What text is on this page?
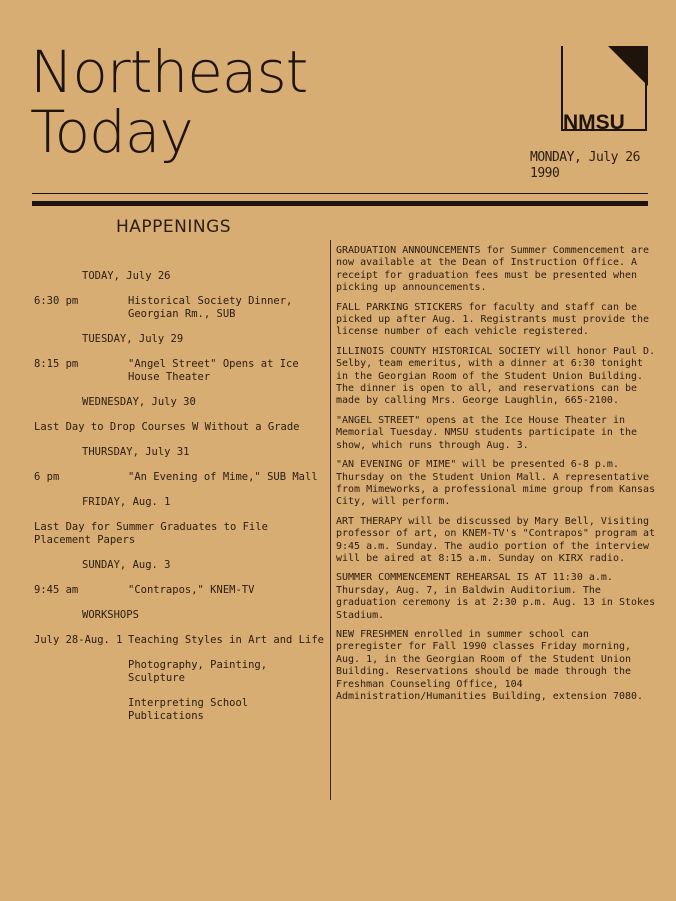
Northeast
Today	NMSU
MONDAY, July 26
1990
HAPPENINGS
TODAY, July 26
6:30 pm	Historical Society Dinner, Georgian Rm., SUB
TUESDAY, July 29
8:15 pm	"Angel Street" Opens at Ice House Theater
WEDNESDAY, July 30
Last Day to Drop Courses W Without a Grade
THURSDAY, July 31
6 pm	"An Evening of Mime," SUB Mall
FRIDAY, Aug. 1
Last Day for Summer Graduates to File Placement Papers
SUNDAY, Aug. 3
9:45 am	"Contrapos," KNEM-TV
WORKSHOPS
July 28-Aug. 1 Teaching Styles in Art and Life
Photography, Painting, Sculpture
Interpreting School Publications
GRADUATION ANNOUNCEMENTS for Summer Commencement are now available at the Dean of Instruction Office. A receipt for graduation fees must be presented when picking up announcements.
FALL PARKING STICKERS for faculty and staff can be picked up after Aug. 1. Registrants must provide the license number of each vehicle registered.
ILLINOIS COUNTY HISTORICAL SOCIETY will honor Paul D. Selby, team emeritus, with a dinner at 6:30 tonight in the Georgian Room of the Student Union Building. The dinner is open to all, and reservations can be made by calling Mrs. George Laughlin, 665-2100.
"ANGEL STREET" opens at the Ice House Theater in Memorial Tuesday. NMSU students participate in the show, which runs through Aug. 3.
"AN EVENING OF MIME" will be presented 6-8 p.m. Thursday on the Student Union Mall. A representative from Mimeworks, a professional mime group from Kansas City, will perform.
ART THERAPY will be discussed by Mary Bell, Visiting professor of art, on KNEM-TV's "Contrapos" program at 9:45 a.m. Sunday. The audio portion of the interview will be aired at 8:15 a.m. Sunday on KIRX radio.
SUMMER COMMENCEMENT REHEARSAL IS AT 11:30 a.m. Thursday, Aug. 7, in Baldwin Auditorium. The graduation ceremony is at 2:30 p.m. Aug. 13 in Stokes Stadium.
NEW FRESHMEN enrolled in summer school can preregister for Fall 1990 classes Friday morning, Aug. 1, in the Georgian Room of the Student Union Building. Reservations should be made through the Freshman Counseling Office, 104 Administration/Humanities Building, extension 7080.
